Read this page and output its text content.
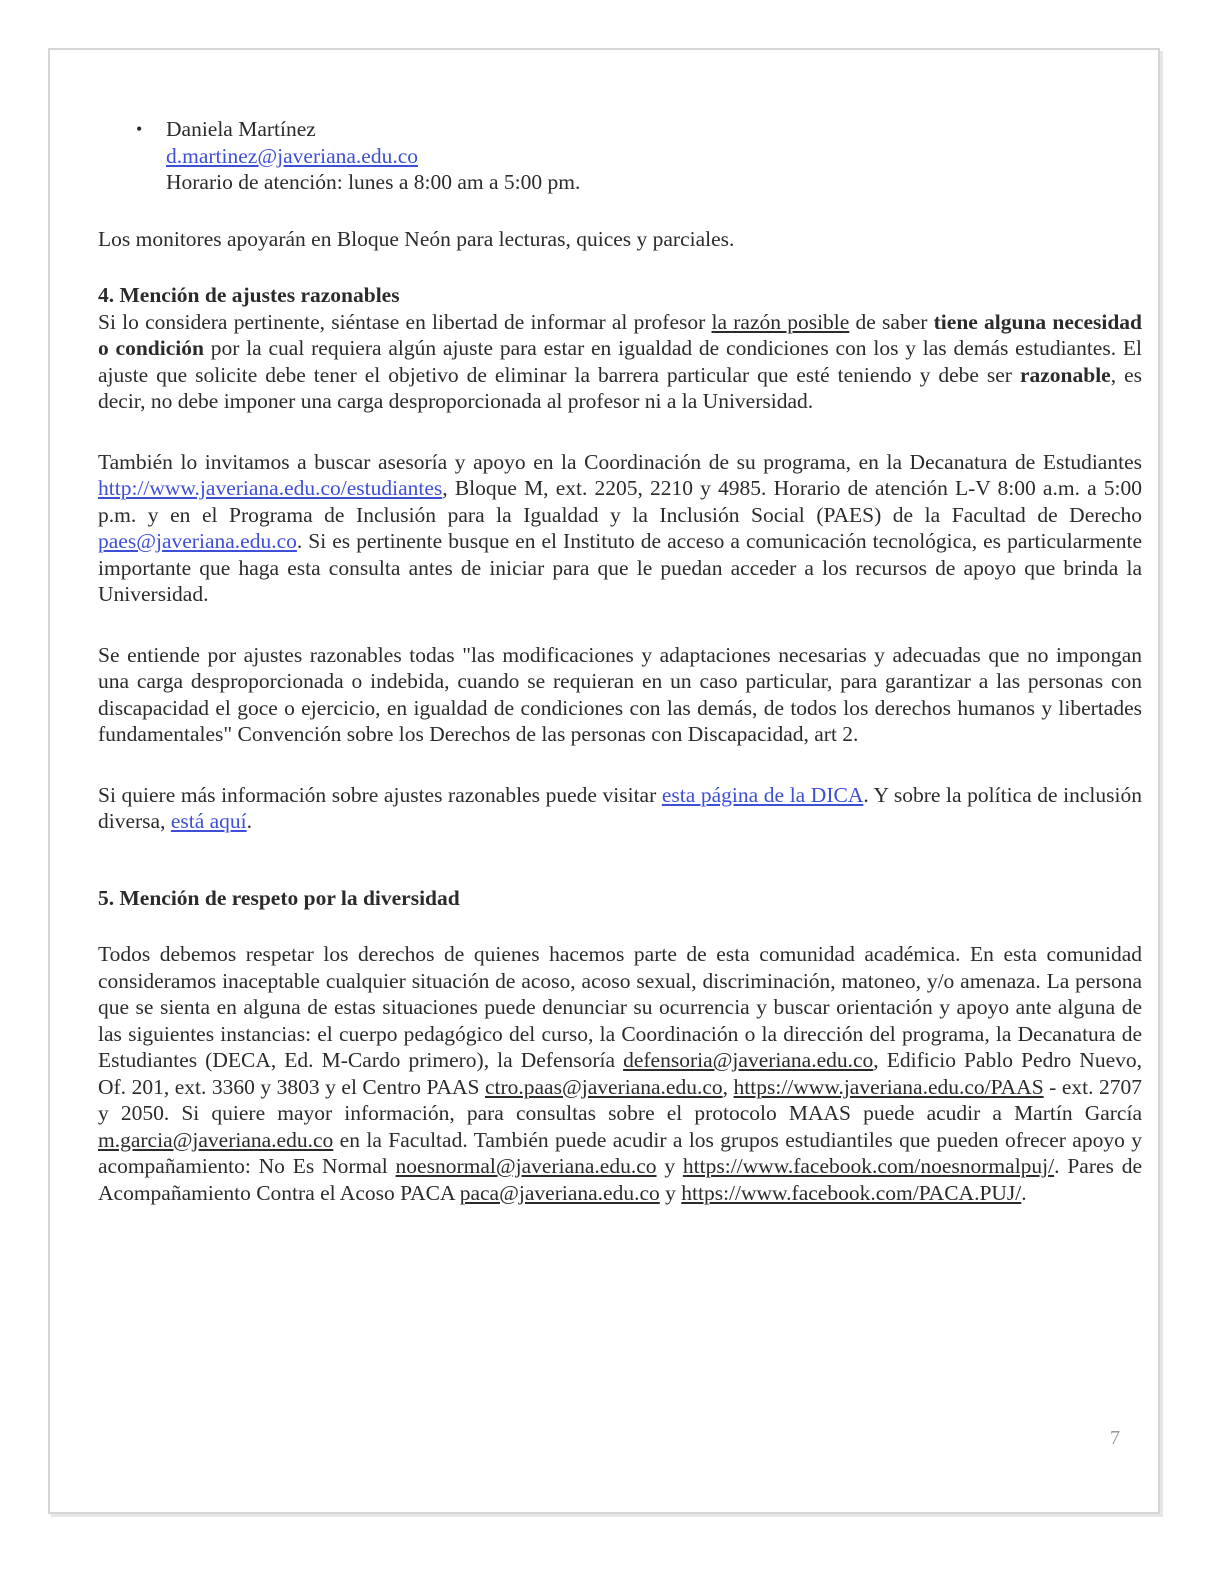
• Daniela Martínez
d.martinez@javeriana.edu.co
Horario de atención: lunes a 8:00 am a 5:00 pm.

Los monitores apoyarán en Bloque Neón para lecturas, quices y parciales.

4. Mención de ajustes razonables

Si lo considera pertinente, siéntase en libertad de informar al profesor la razón posible de saber tiene alguna necesidad o condición por la cual requiera algún ajuste para estar en igualdad de condiciones con los y las demás estudiantes. El ajuste que solicite debe tener el objetivo de eliminar la barrera particular que esté teniendo y debe ser razonable, es decir, no debe imponer una carga desproporcionada al profesor ni a la Universidad.

También lo invitamos a buscar asesoría y apoyo en la Coordinación de su programa, en la Decanatura de Estudiantes http://www.javeriana.edu.co/estudiantes, Bloque M, ext. 2205, 2210 y 4985. Horario de atención L-V 8:00 a.m. a 5:00 p.m. y en el Programa de Inclusión para la Igualdad y la Inclusión Social (PAES) de la Facultad de Derecho paes@javeriana.edu.co. Si es pertinente busque en el Instituto de acceso a comunicación tecnológica, es particularmente importante que haga esta consulta antes de iniciar para que le puedan acceder a los recursos de apoyo que brinda la Universidad.

Se entiende por ajustes razonables todas "las modificaciones y adaptaciones necesarias y adecuadas que no impongan una carga desproporcionada o indebida, cuando se requieran en un caso particular, para garantizar a las personas con discapacidad el goce o ejercicio, en igualdad de condiciones con las demás, de todos los derechos humanos y libertades fundamentales" Convención sobre los Derechos de las personas con Discapacidad, art 2.

Si quiere más información sobre ajustes razonables puede visitar esta página de la DICA. Y sobre la política de inclusión diversa, está aquí.

5. Mención de respeto por la diversidad

Todos debemos respetar los derechos de quienes hacemos parte de esta comunidad académica. En esta comunidad consideramos inaceptable cualquier situación de acoso, acoso sexual, discriminación, matoneo, y/o amenaza. La persona que se sienta en alguna de estas situaciones puede denunciar su ocurrencia y buscar orientación y apoyo ante alguna de las siguientes instancias: el cuerpo pedagógico del curso, la Coordinación o la dirección del programa, la Decanatura de Estudiantes (DECA, Ed. M-Cardo primero), la Defensoría defensoria@javeriana.edu.co, Edificio Pablo Pedro Nuevo, Of. 201, ext. 3360 y 3803 y el Centro PAAS ctro.paas@javeriana.edu.co, https://www.javeriana.edu.co/PAAS - ext. 2707 y 2050. Si quiere mayor información, para consultas sobre el protocolo MAAS puede acudir a Martín García m.garcia@javeriana.edu.co en la Facultad. También puede acudir a los grupos estudiantiles que pueden ofrecer apoyo y acompañamiento: No Es Normal noesnormal@javeriana.edu.co y https://www.facebook.com/noesnormalpuj/. Pares de Acompañamiento Contra el Acoso PACA paca@javeriana.edu.co y https://www.facebook.com/PACA.PUJ/.

7
